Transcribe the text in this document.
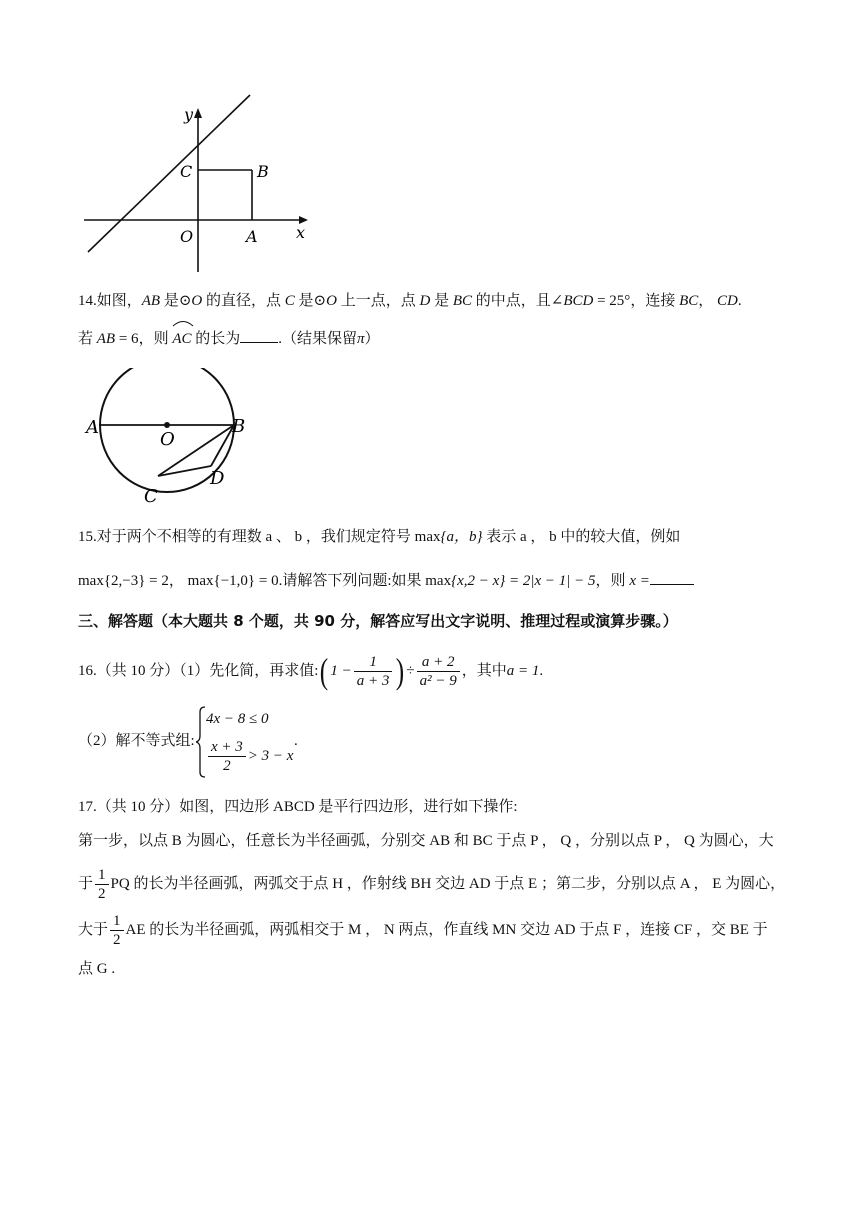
y
x
C	B
O	A
14.如图，AB 是⊙O 的直径，点 C 是⊙O 上一点，点 D 是 BC 的中点，且∠BCD = 25°，连接 BC， CD.
若 AB = 6，则
AC 的长为	.（结果保留π）
A
O
B
C
D
15.对于两个不相等的有理数 a 、 b ，我们规定符号 max{a，b} 表示 a ， b 中的较大值，例如
max{2,−3} = 2， max{−1,0} = 0.请解答下列问题:如果 max{x,2 − x} = 2|x − 1| − 5，则 x =
三、解答题（本大题共 8 个题，共 90 分，解答应写出文字说明、推理过程或演算步骤。）
16.（共 10 分）（1）先化简，再求值: ( $1 - \frac{1}{a + 3}$ ) ÷ $\frac{a + 2}{\text{a² − 9}}$ ，其中 a = 1 .
（2）解不等式组:
4x − 8 ≤ 0
$\frac{x + 3}{2} > 3 - x$
.
17.（共 10 分）如图，四边形 ABCD 是平行四边形，进行如下操作:
第一步，以点 B 为圆心，任意长为半径画弧，分别交 AB 和 BC 于点 P ， Q ，分别以点 P ， Q 为圆心，大
于 $\frac{1}{2}$ PQ 的长为半径画弧，两弧交于点 H ，作射线 BH 交边 AD 于点 E ；第二步，分别以点 A ， E 为圆心，
大于 $\frac{1}{2}$ AE 的长为半径画弧，两弧相交于 M ， N 两点，作直线 MN 交边 AD 于点 F ，连接 CF ，交 BE 于
点 G .
